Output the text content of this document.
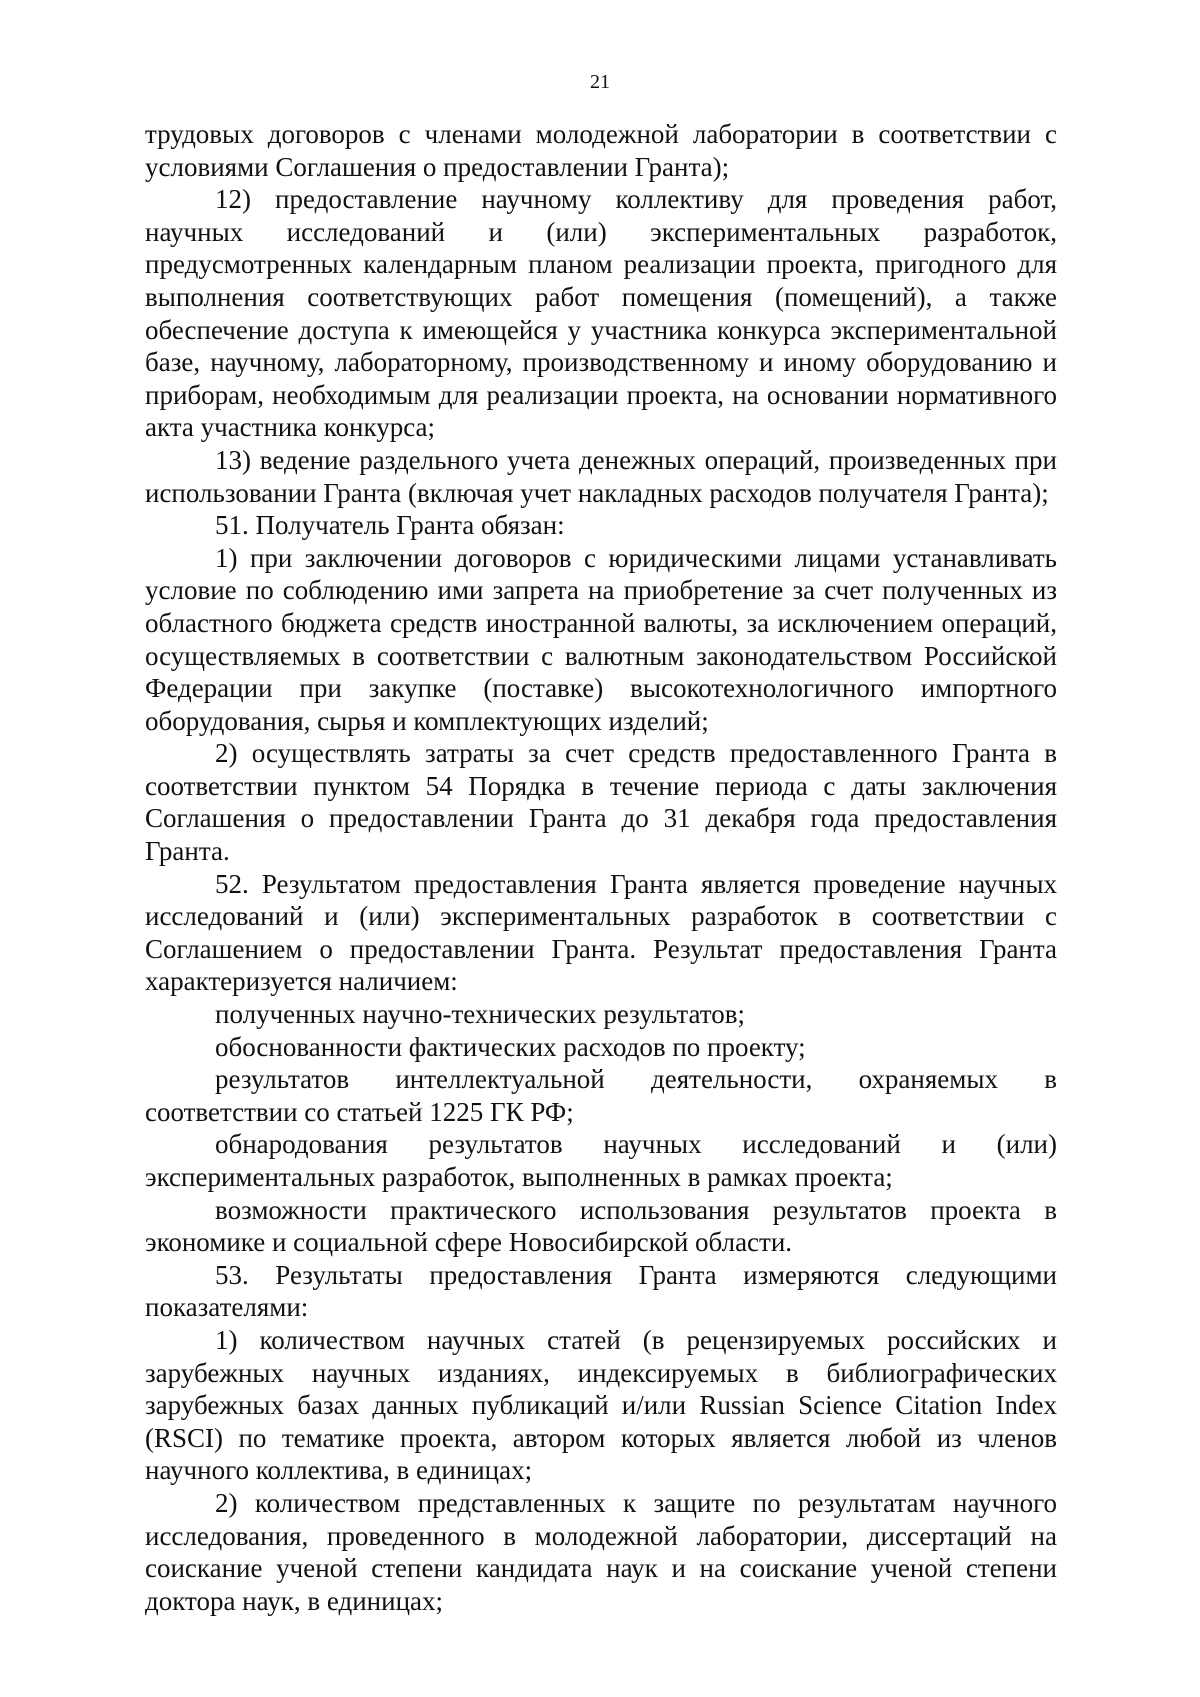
21

трудовых договоров с членами молодежной лаборатории в соответствии с условиями Соглашения о предоставлении Гранта);

12) предоставление научному коллективу для проведения работ, научных исследований и (или) экспериментальных разработок, предусмотренных календарным планом реализации проекта, пригодного для выполнения соответствующих работ помещения (помещений), а также обеспечение доступа к имеющейся у участника конкурса экспериментальной базе, научному, лабораторному, производственному и иному оборудованию и приборам, необходимым для реализации проекта, на основании нормативного акта участника конкурса;

13) ведение раздельного учета денежных операций, произведенных при использовании Гранта (включая учет накладных расходов получателя Гранта);

51. Получатель Гранта обязан:

1) при заключении договоров с юридическими лицами устанавливать условие по соблюдению ими запрета на приобретение за счет полученных из областного бюджета средств иностранной валюты, за исключением операций, осуществляемых в соответствии с валютным законодательством Российской Федерации при закупке (поставке) высокотехнологичного импортного оборудования, сырья и комплектующих изделий;

2) осуществлять затраты за счет средств предоставленного Гранта в соответствии пунктом 54 Порядка в течение периода с даты заключения Соглашения о предоставлении Гранта до 31 декабря года предоставления Гранта.

52. Результатом предоставления Гранта является проведение научных исследований и (или) экспериментальных разработок в соответствии с Соглашением о предоставлении Гранта. Результат предоставления Гранта характеризуется наличием:

полученных научно-технических результатов;

обоснованности фактических расходов по проекту;

результатов интеллектуальной деятельности, охраняемых в соответствии со статьей 1225 ГК РФ;

обнародования результатов научных исследований и (или) экспериментальных разработок, выполненных в рамках проекта;

возможности практического использования результатов проекта в экономике и социальной сфере Новосибирской области.

53. Результаты предоставления Гранта измеряются следующими показателями:

1) количеством научных статей (в рецензируемых российских и зарубежных научных изданиях, индексируемых в библиографических зарубежных базах данных публикаций и/или Russian Science Citation Index (RSCI) по тематике проекта, автором которых является любой из членов научного коллектива, в единицах;

2) количеством представленных к защите по результатам научного исследования, проведенного в молодежной лаборатории, диссертаций на соискание ученой степени кандидата наук и на соискание ученой степени доктора наук, в единицах;
